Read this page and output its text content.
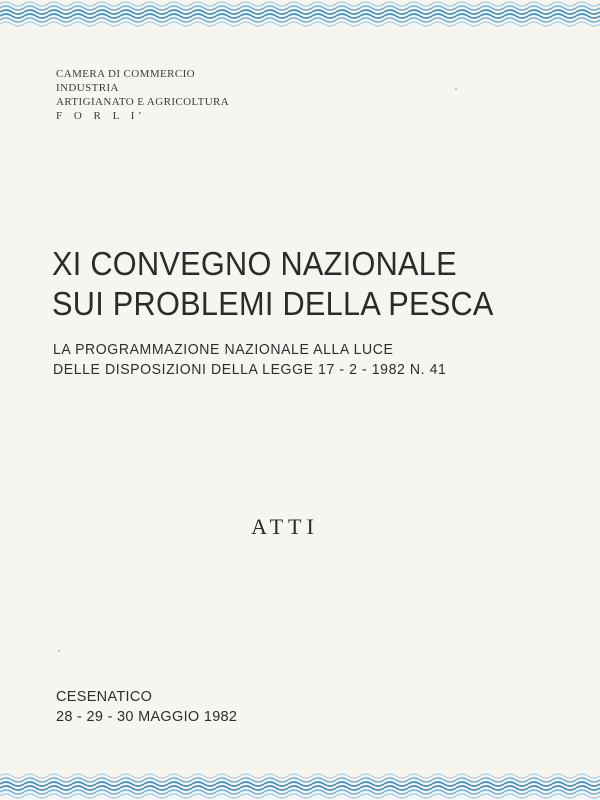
CAMERA DI COMMERCIO
INDUSTRIA
ARTIGIANATO E AGRICOLTURA
F O R L I'
XI CONVEGNO NAZIONALE
SUI PROBLEMI DELLA PESCA
LA PROGRAMMAZIONE NAZIONALE ALLA LUCE
DELLE DISPOSIZIONI DELLA LEGGE 17 - 2 - 1982 N. 41
ATTI
CESENATICO
28 - 29 - 30 MAGGIO 1982
